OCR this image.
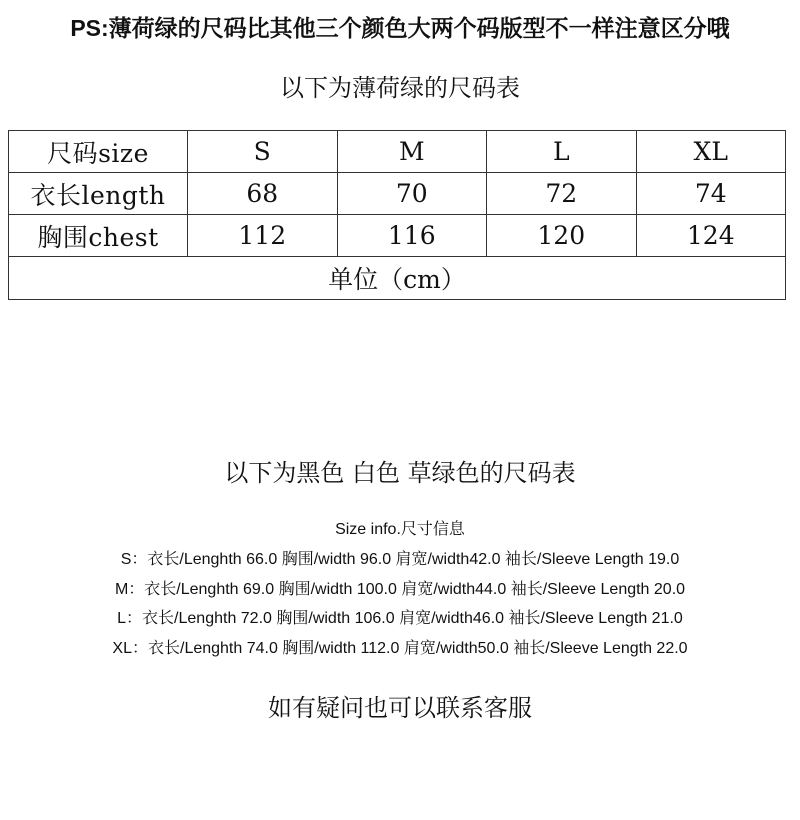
PS:薄荷绿的尺码比其他三个颜色大两个码版型不一样注意区分哦
以下为薄荷绿的尺码表
尺码size	S	M	L	XL
衣长length	68	70	72	74
胸围chest	112	116	120	124
单位（cm）				
以下为黑色 白色 草绿色的尺码表
Size info.尺寸信息
S：衣长/Lenghth 66.0 胸围/width 96.0 肩宽/width42.0 袖长/Sleeve Length 19.0
M：衣长/Lenghth 69.0 胸围/width 100.0 肩宽/width44.0 袖长/Sleeve Length 20.0
L：衣长/Lenghth 72.0 胸围/width 106.0 肩宽/width46.0 袖长/Sleeve Length 21.0
XL：衣长/Lenghth 74.0 胸围/width 112.0 肩宽/width50.0 袖长/Sleeve Length 22.0
如有疑问也可以联系客服
